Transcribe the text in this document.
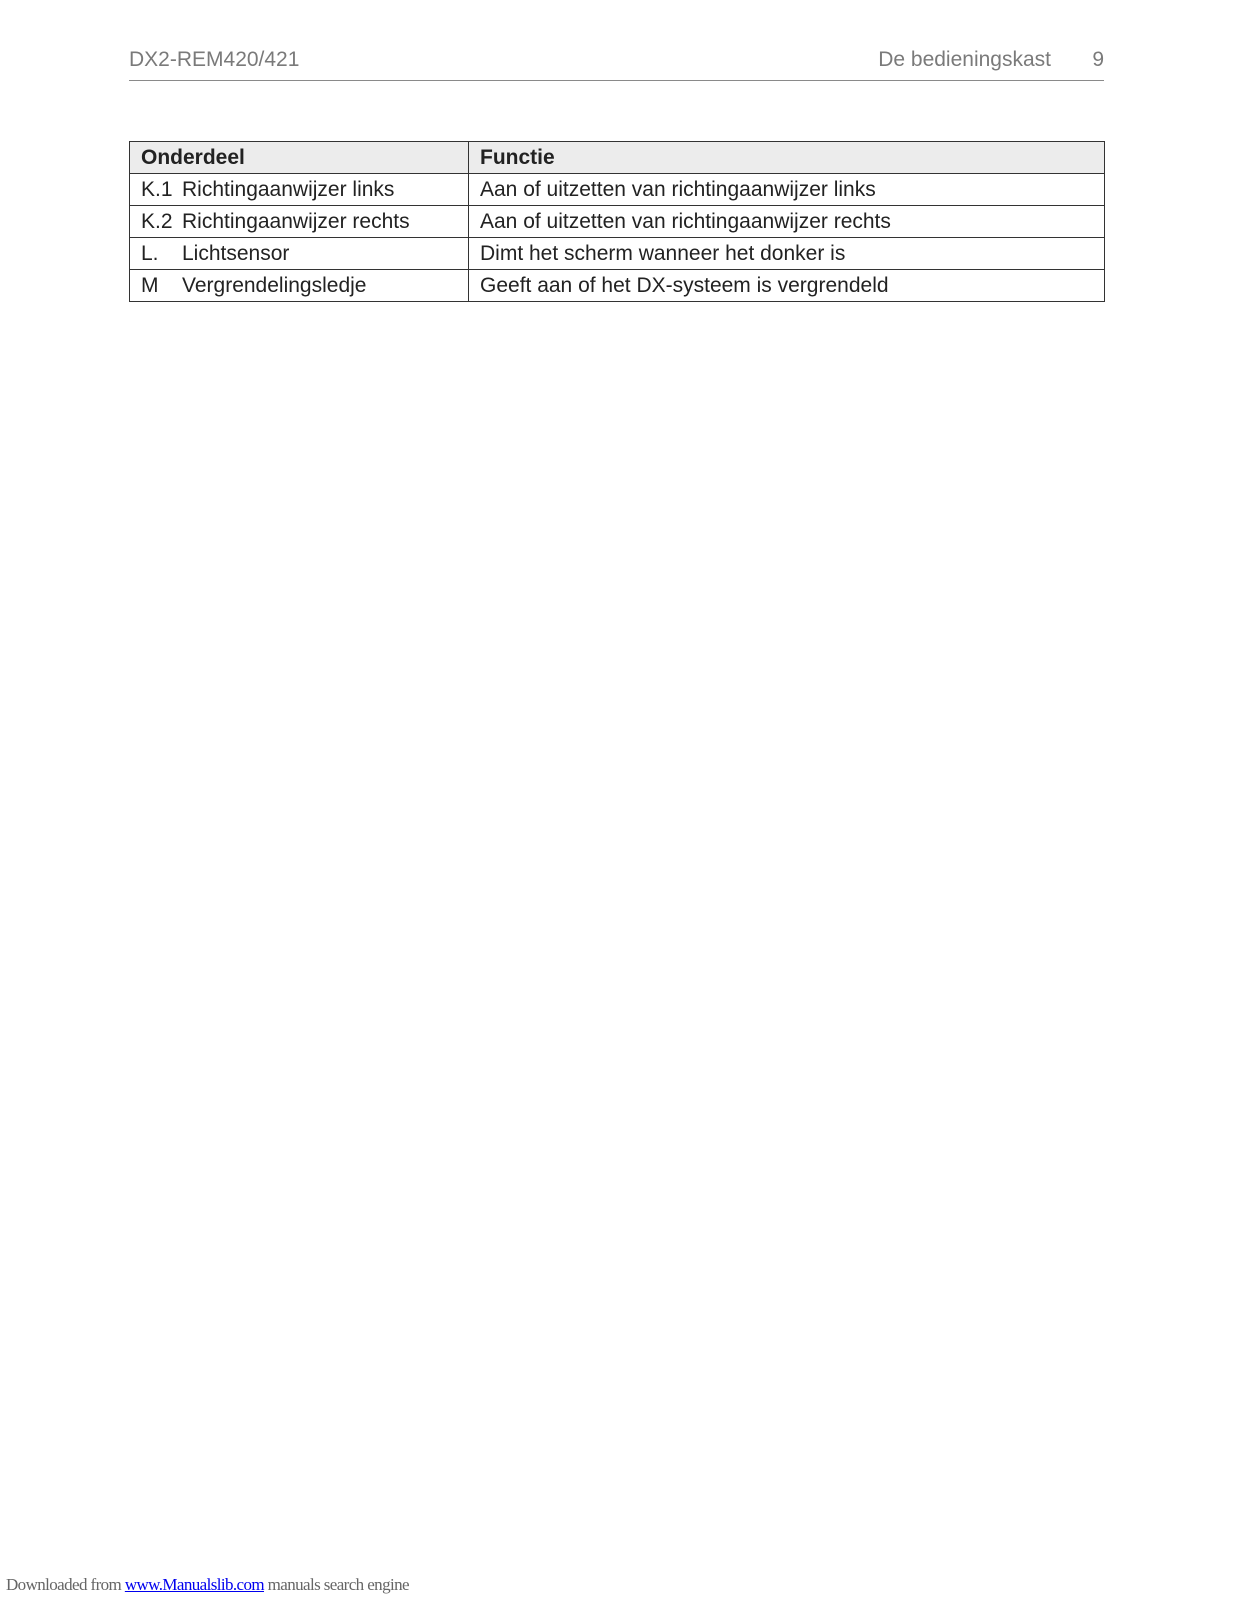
DX2-REM420/421	De bedieningskast 9
Onderdeel	Functie
K.1 Richtingaanwijzer links	Aan of uitzetten van richtingaanwijzer links
K.2 Richtingaanwijzer rechts	Aan of uitzetten van richtingaanwijzer rechts
L. Lichtsensor	Dimt het scherm wanneer het donker is
M Vergrendelingsledje	Geeft aan of het DX-systeem is vergrendeld
Downloaded from www.Manualslib.com manuals search engine
